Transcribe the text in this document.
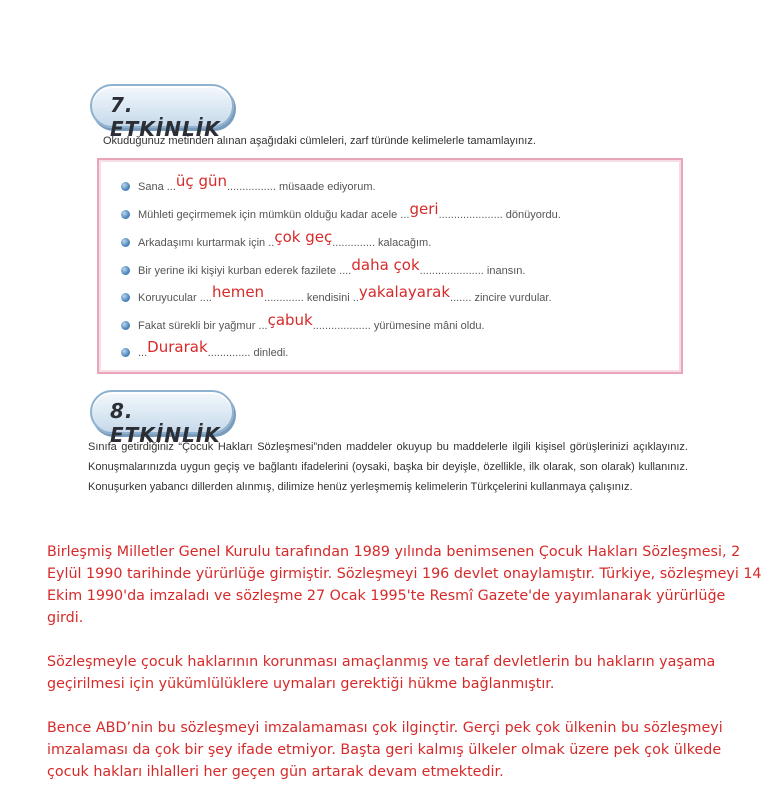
7. ETKİNLİK
Okuduğunuz metinden alınan aşağıdaki cümleleri, zarf türünde kelimelerle tamamlayınız.
Sana ...üç gün................ müsaade ediyorum.
Mühleti geçirmemek için mümkün olduğu kadar acele ...geri..................... dönüyordu.
Arkadaşımı kurtarmak için ..çok geç.............. kalacağım.
Bir yerine iki kişiyi kurban ederek fazilete ....daha çok..................... inansın.
Koruyucular ....hemen............. kendisini ..yakalayarak....... zincire vurdular.
Fakat sürekli bir yağmur ...çabuk................... yürümesine mâni oldu.
...Durarak.............. dinledi.
8. ETKİNLİK
Sınıfa getirdiğiniz “Çocuk Hakları Sözleşmesi”nden maddeler okuyup bu maddelerle ilgili kişisel görüşlerinizi açıklayınız. Konuşmalarınızda uygun geçiş ve bağlantı ifadelerini (oysaki, başka bir deyişle, özellikle, ilk olarak, son olarak) kullanınız. Konuşurken yabancı dillerden alınmış, dilimize henüz yerleşmemiş kelimelerin Türkçelerini kullanmaya çalışınız.

Birleşmiş Milletler Genel Kurulu tarafından 1989 yılında benimsenen Çocuk Hakları Sözleşmesi, 2 Eylül 1990 tarihinde yürürlüğe girmiştir. Sözleşmeyi 196 devlet onaylamıştır. Türkiye, sözleşmeyi 14 Ekim 1990'da imzaladı ve sözleşme 27 Ocak 1995'te Resmî Gazete'de yayımlanarak yürürlüğe girdi.

Sözleşmeyle çocuk haklarının korunması amaçlanmış ve taraf devletlerin bu hakların yaşama geçirilmesi için yükümlülüklere uymaları gerektiği hükme bağlanmıştır.

Bence ABD’nin bu sözleşmeyi imzalamaması çok ilginçtir. Gerçi pek çok ülkenin bu sözleşmeyi imzalaması da çok bir şey ifade etmiyor. Başta geri kalmış ülkeler olmak üzere pek çok ülkede çocuk hakları ihlalleri her geçen gün artarak devam etmektedir.
